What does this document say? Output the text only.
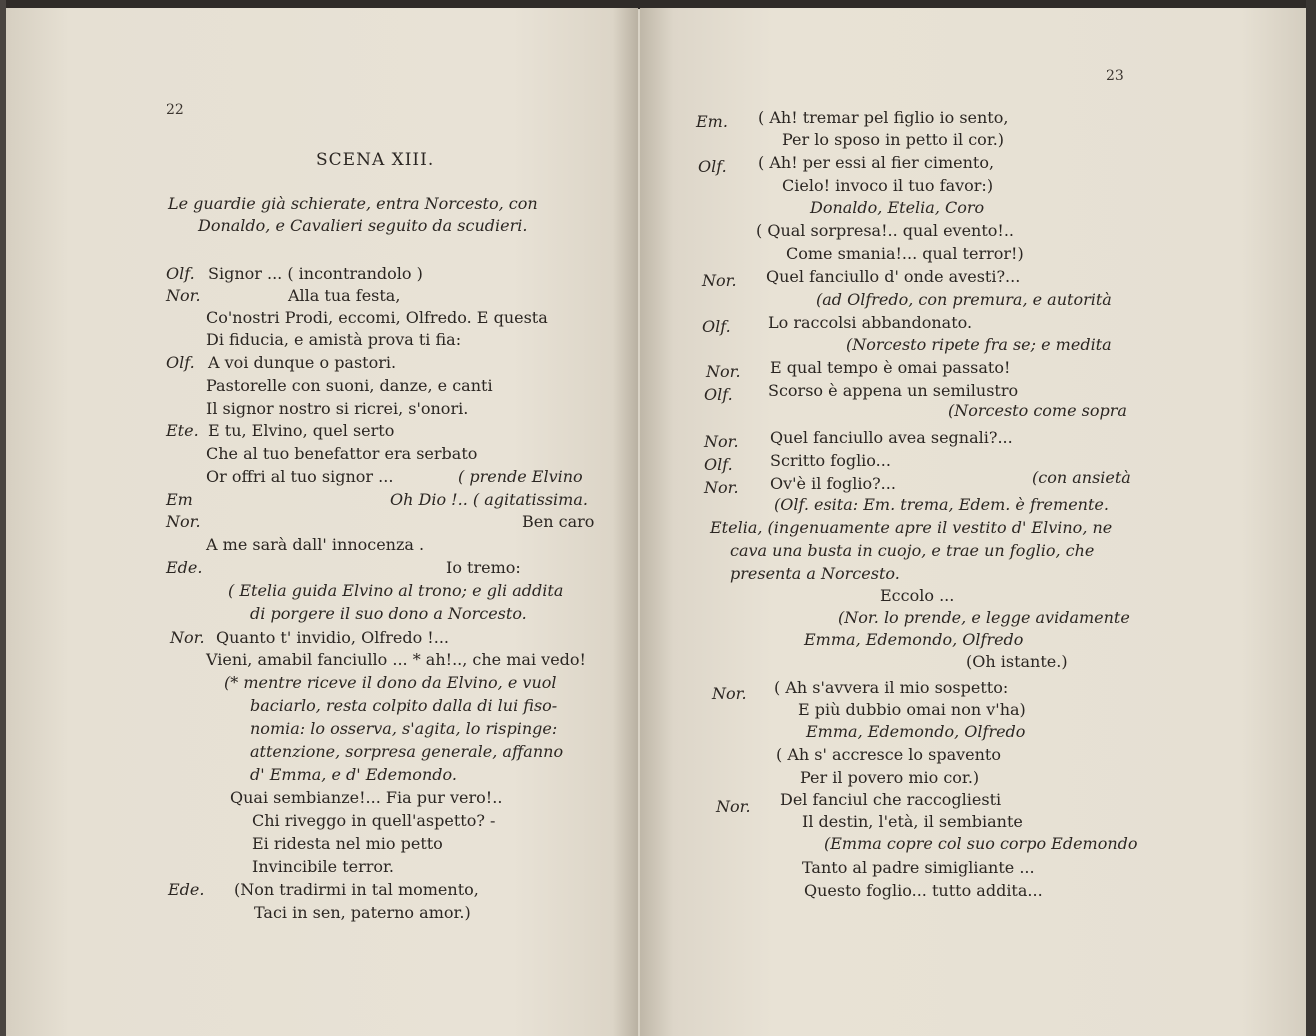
22
SCENA XIII.
Le guardie già schierate, entra Norcesto, con
Donaldo, e Cavalieri seguito da scudieri.
Olf. Signor ... ( incontrandolo )
Nor.	Alla tua festa,
Co'nostri Prodi, eccomi, Olfredo. E questa
Di fiducia, e amistà prova ti fia:
Olf. A voi dunque o pastori.
Pastorelle con suoni, danze, e canti
Il signor nostro si ricrei, s'onori.
Ete. E tu, Elvino, quel serto
Che al tuo benefattor era serbato
Or offri al tuo signor ...	( prende Elvino
Em	Oh Dio !.. ( agitatissima.
Nor.	Ben caro
A me sarà dall' innocenza .
Ede.	Io tremo:
( Etelia guida Elvino al trono; e gli addita
di porgere il suo dono a Norcesto.
Nor. Quanto t' invidio, Olfredo !...
Vieni, amabil fanciullo ... * ah!.., che mai vedo!
(* mentre riceve il dono da Elvino, e vuol
baciarlo, resta colpito dalla di lui fiso-
nomia: lo osserva, s'agita, lo rispinge:
attenzione, sorpresa generale, affanno
d' Emma, e d' Edemondo.
Quai sembianze!... Fia pur vero!..
Chi riveggo in quell'aspetto? -
Ei ridesta nel mio petto
Invincibile terror.
Ede. (Non tradirmi in tal momento,
Taci in sen, paterno amor.)
23
Em. ( Ah! tremar pel figlio io sento,
Per lo sposo in petto il cor.)
Olf. ( Ah! per essi al fier cimento,
Cielo! invoco il tuo favor:)
Donaldo, Etelia, Coro
( Qual sorpresa!.. qual evento!..
Come smania!... qual terror!)
Nor. Quel fanciullo d' onde avesti?...
(ad Olfredo, con premura, e autorità
Olf. Lo raccolsi abbandonato.
(Norcesto ripete fra se; e medita
Nor. E qual tempo è omai passato!
Olf. Scorso è appena un semilustro
(Norcesto come sopra
Nor. Quel fanciullo avea segnali?...
Olf. Scritto foglio...
Nor. Ov'è il foglio?...	(con ansietà
(Olf. esita: Em. trema, Edem. è fremente.
Etelia, (ingenuamente apre il vestito d' Elvino, ne
cava una busta in cuojo, e trae un foglio, che
presenta a Norcesto.
Eccolo ...
(Nor. lo prende, e legge avidamente
Emma, Edemondo, Olfredo
(Oh istante.)
Nor. ( Ah s'avvera il mio sospetto:
E più dubbio omai non v'ha)
Emma, Edemondo, Olfredo
( Ah s' accresce lo spavento
Per il povero mio cor.)
Nor. Del fanciul che raccogliesti
Il destin, l'età, il sembiante
(Emma copre col suo corpo Edemondo
Tanto al padre simigliante ...
Questo foglio... tutto addita...
